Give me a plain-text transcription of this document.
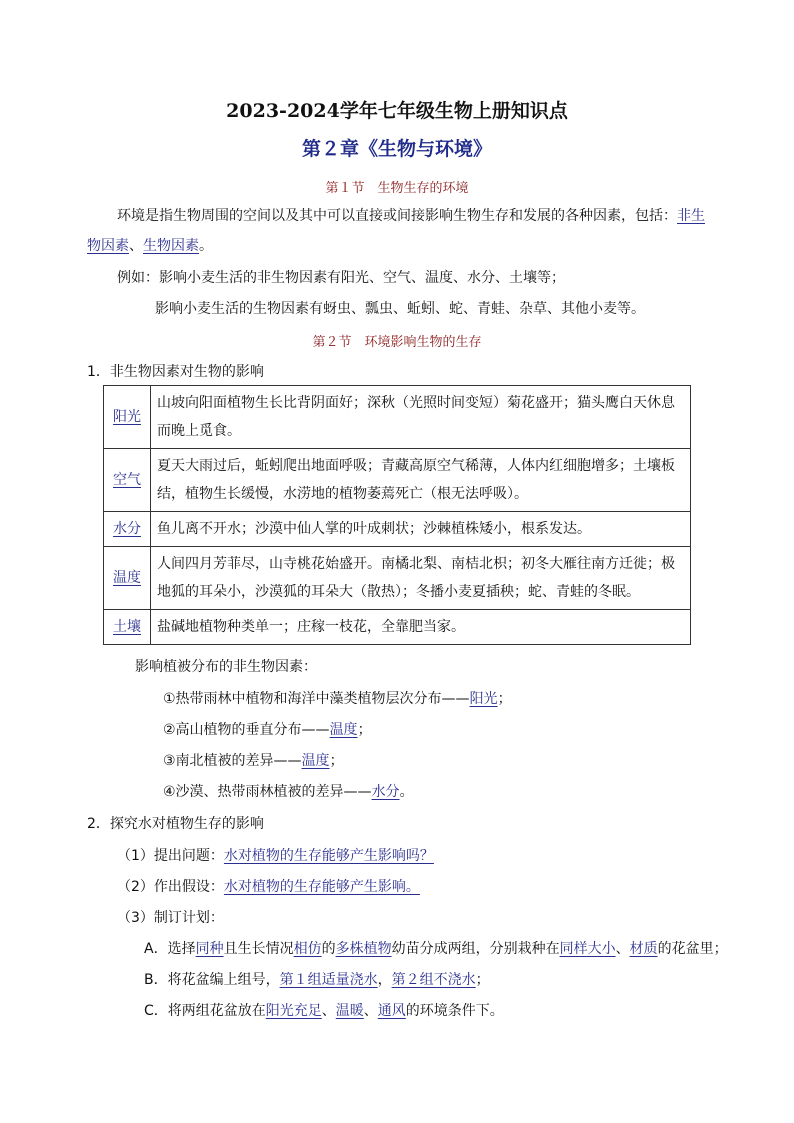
2023-2024学年七年级生物上册知识点
第２章《生物与环境》
第１节　生物生存的环境
环境是指生物周围的空间以及其中可以直接或间接影响生物生存和发展的各种因素，包括：非生
物因素、生物因素。
例如：影响小麦生活的非生物因素有阳光、空气、温度、水分、土壤等；
影响小麦生活的生物因素有蚜虫、瓢虫、蚯蚓、蛇、青蛙、杂草、其他小麦等。
第２节　环境影响生物的生存
1．非生物因素对生物的影响
阳光	山坡向阳面植物生长比背阴面好；深秋（光照时间变短）菊花盛开；猫头鹰白天休息而晚上觅食。
空气	夏天大雨过后，蚯蚓爬出地面呼吸；青藏高原空气稀薄，人体内红细胞增多；土壤板结，植物生长缓慢，水涝地的植物萎蔫死亡（根无法呼吸）。
水分	鱼儿离不开水；沙漠中仙人掌的叶成刺状；沙棘植株矮小，根系发达。
温度	人间四月芳菲尽，山寺桃花始盛开。南橘北梨、南桔北枳；初冬大雁往南方迁徙；极地狐的耳朵小，沙漠狐的耳朵大（散热）；冬播小麦夏插秧；蛇、青蛙的冬眠。
土壤	盐碱地植物种类单一；庄稼一枝花，全靠肥当家。
影响植被分布的非生物因素：
①热带雨林中植物和海洋中藻类植物层次分布——阳光；
②高山植物的垂直分布——温度；
③南北植被的差异——温度；
④沙漠、热带雨林植被的差异——水分。
2．探究水对植物生存的影响
（1）提出问题：水对植物的生存能够产生影响吗？
（2）作出假设：水对植物的生存能够产生影响。
（3）制订计划：
A．选择同种且生长情况相仿的多株植物幼苗分成两组，分别栽种在同样大小、材质的花盆里；
B．将花盆编上组号，第１组适量浇水，第２组不浇水；
C．将两组花盆放在阳光充足、温暖、通风的环境条件下。
